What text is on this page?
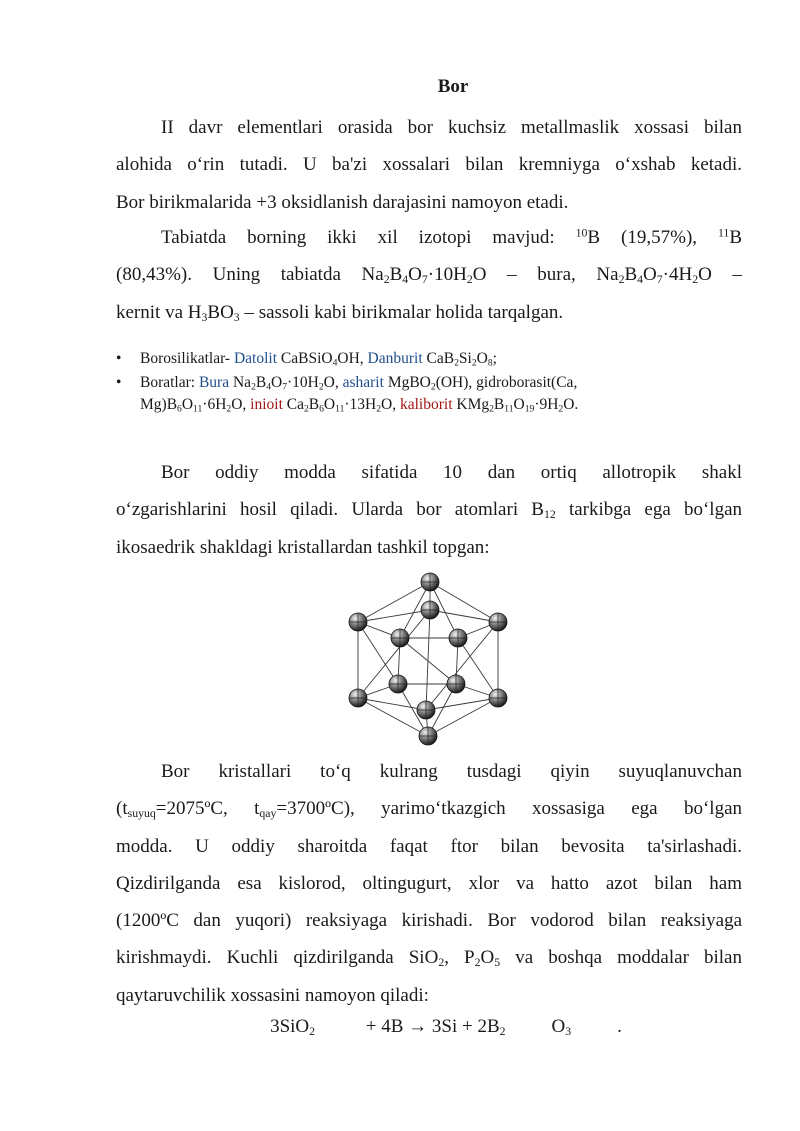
Bor
II davr elementlari orasida bor kuchsiz metallmaslik xossasi bilan
alohida o‘rin tutadi. U ba'zi xossalari bilan kremniyga o‘xshab ketadi.
Bor birikmalarida +3 oksidlanish darajasini namoyon etadi.
Tabiatda borning ikki xil izotopi mavjud: $^{10}$B (19,57%), $^{11}$B
(80,43%). Uning tabiatda $Na_2B_4O_7\cdot 10H_2O$ – bura, $Na_2B_4O_7\cdot 4H_2O$ –
kernit va $H_3BO_3$ – sassoli kabi birikmalar holida tarqalgan.
• Borosilikatlar- Datolit CaBSiO$_4$OH, Danburit $CaB_2Si_2O_8$;
• Boratlar: Bura $Na_2B_4O_7\cdot 10H_2O$, asharit MgBO$_2$(OH), gidroborasit(Ca,
$Mg)B_6O_{11}\cdot 6H_2O$, inioit $Ca_2B_6O_{11}\cdot 13H_2O$, kaliborit $KMg_2B_{11}O_{19}\cdot 9H_2O$.
Bor oddiy modda sifatida 10 dan ortiq allotropik shakl
o‘zgarishlarini hosil qiladi. Ularda bor atomlari $B_{12}$ tarkibga ega bo‘lgan
ikosaedrik shakldagi kristallardan tashkil topgan:
Bor kristallari to‘q kulrang tusdagi qiyin suyuqlanuvchan
($t_{suyuq}=2075ºC$, $t_{qay}=3700ºC$), yarimo‘tkazgich xossasiga ega bo‘lgan
modda. U oddiy sharoitda faqat ftor bilan bevosita ta'sirlashadi.
Qizdirilganda esa kislorod, oltingugurt, xlor va hatto azot bilan ham
(1200ºC dan yuqori) reaksiyaga kirishadi. Bor vodorod bilan reaksiyaga
kirishmaydi. Kuchli qizdirilganda SiO$_2$, $P_2O_5$ va boshqa moddalar bilan
qaytaruvchilik xossasini namoyon qiladi:
$3SiO_2 + 4B \to 3Si + 2B_2$ $O_3$ .
